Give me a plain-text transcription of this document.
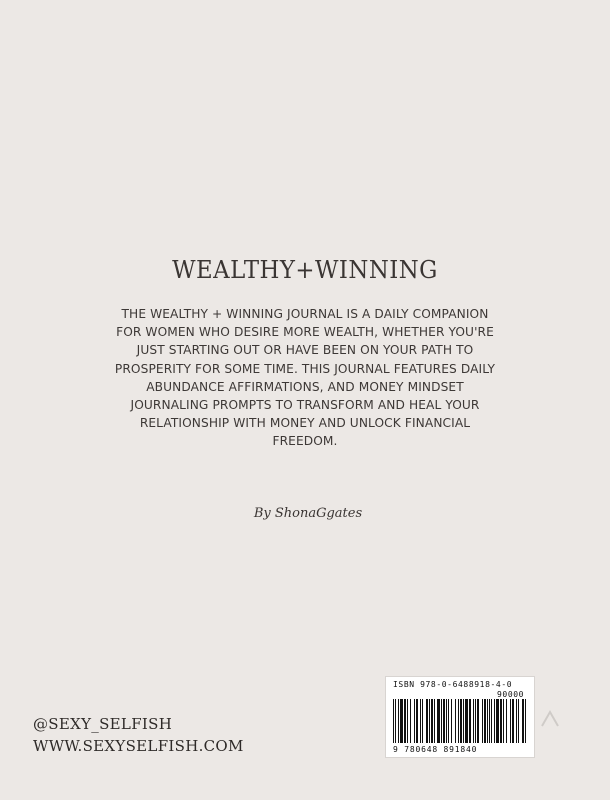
WEALTHY+WINNING

THE WEALTHY + WINNING JOURNAL IS A DAILY COMPANION FOR WOMEN WHO DESIRE MORE WEALTH, WHETHER YOU'RE JUST STARTING OUT OR HAVE BEEN ON YOUR PATH TO PROSPERITY FOR SOME TIME. THIS JOURNAL FEATURES DAILY ABUNDANCE AFFIRMATIONS, AND MONEY MINDSET JOURNALING PROMPTS TO TRANSFORM AND HEAL YOUR RELATIONSHIP WITH MONEY AND UNLOCK FINANCIAL FREEDOM.

By ShonaGgates

@SEXY_SELFISH

WWW.SEXYSELFISH.COM

ISBN 978-0-6488918-4-0
90000
9 780648 891840
